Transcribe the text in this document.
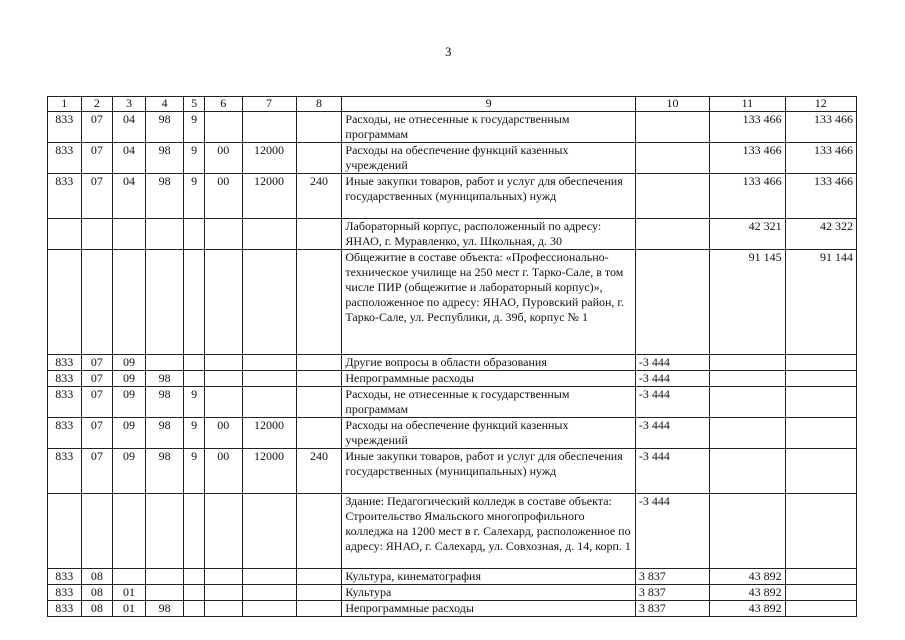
3
1	2	3	4	5	6	7	8	9	10	11	12
833	07	04	98	9				Расходы, не отнесенные к государственным программам		133 466	133 466
833	07	04	98	9	00	12000		Расходы на обеспечение функций казенных учреждений		133 466	133 466
833	07	04	98	9	00	12000	240	Иные закупки товаров, работ и услуг для обеспечения государственных (муниципальных) нужд		133 466	133 466
								Лабораторный корпус, расположенный по адресу: ЯНАО, г. Муравленко, ул. Школьная, д. 30		42 321	42 322
								Общежитие в составе объекта: «Профессионально-техническое училище на 250 мест г. Тарко-Сале, в том числе ПИР (общежитие и лабораторный корпус)», расположенное по адресу: ЯНАО, Пуровский район, г. Тарко-Сале, ул. Республики, д. 39б, корпус № 1		91 145	91 144
833	07	09						Другие вопросы в области образования	-3 444		
833	07	09	98					Непрограммные расходы	-3 444		
833	07	09	98	9				Расходы, не отнесенные к государственным программам	-3 444		
833	07	09	98	9	00	12000		Расходы на обеспечение функций казенных учреждений	-3 444		
833	07	09	98	9	00	12000	240	Иные закупки товаров, работ и услуг для обеспечения государственных (муниципальных) нужд	-3 444		
								Здание: Педагогический колледж в составе объекта: Строительство Ямальского многопрофильного колледжа на 1200 мест в г. Салехард, расположенное по адресу: ЯНАО, г. Салехард, ул. Совхозная, д. 14, корп. 1	-3 444		
833	08							Культура, кинематография	3 837	43 892	
833	08	01						Культура	3 837	43 892	
833	08	01	98					Непрограммные расходы	3 837	43 892	
